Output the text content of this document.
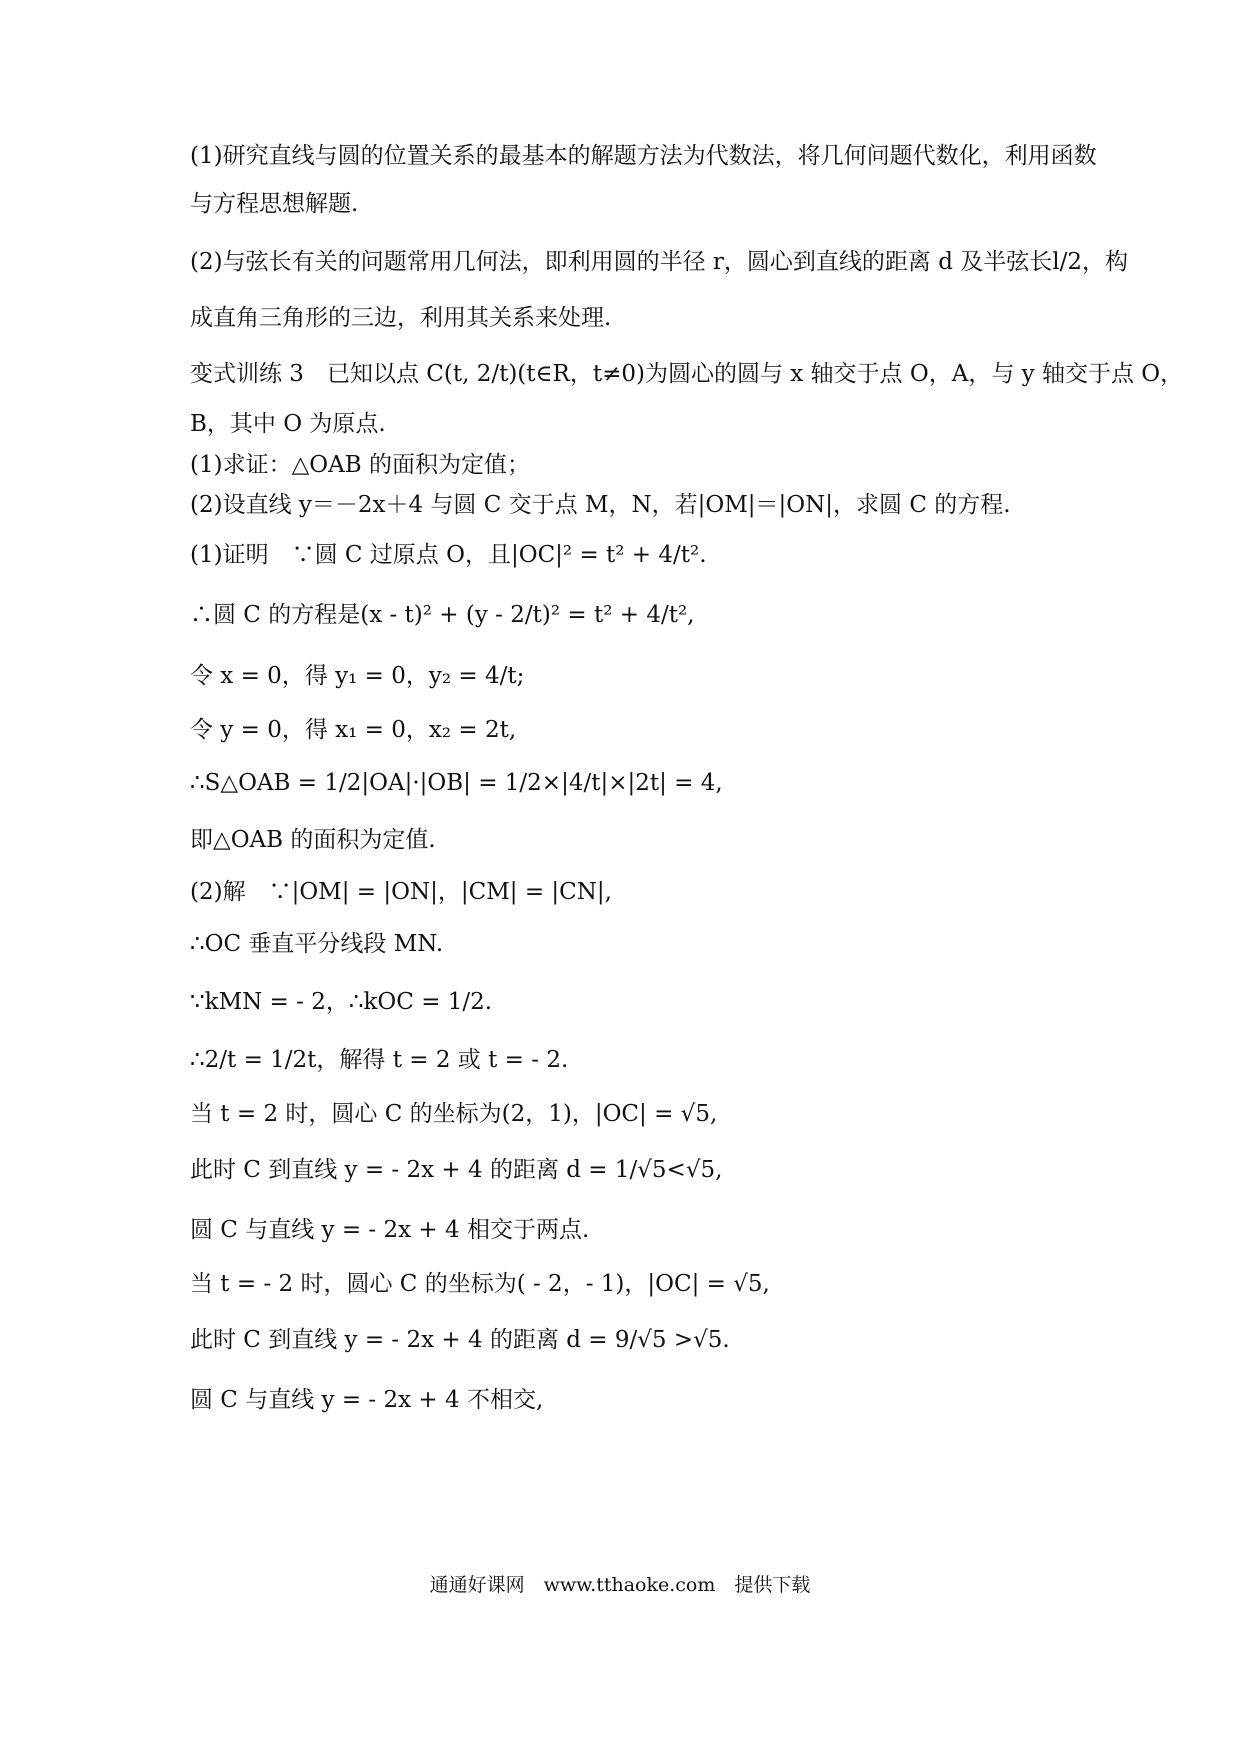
(1)研究直线与圆的位置关系的最基本的解题方法为代数法，将几何问题代数化，利用函数
与方程思想解题.
(2)与弦长有关的问题常用几何法，即利用圆的半径 r，圆心到直线的距离 d 及半弦长l/2，构
成直角三角形的三边，利用其关系来处理.
变式训练 3　已知以点 C(t, 2/t)(t∈R，t≠0)为圆心的圆与 x 轴交于点 O，A，与 y 轴交于点 O，
B，其中 O 为原点.
(1)求证：△OAB 的面积为定值；
(2)设直线 y＝－2x＋4 与圆 C 交于点 M，N，若|OM|＝|ON|，求圆 C 的方程.
(1)证明　∵圆 C 过原点 O，且|OC|² = t² + 4/t².
∴圆 C 的方程是(x - t)² + (y - 2/t)² = t² + 4/t²,
令 x = 0，得 y₁ = 0，y₂ = 4/t;
令 y = 0，得 x₁ = 0，x₂ = 2t,
∴S△OAB = 1/2|OA|·|OB| = 1/2×|4/t|×|2t| = 4,
即△OAB 的面积为定值.
(2)解　∵|OM| = |ON|，|CM| = |CN|,
∴OC 垂直平分线段 MN.
∵kMN = - 2，∴kOC = 1/2.
∴2/t = 1/2t，解得 t = 2 或 t = - 2.
当 t = 2 时，圆心 C 的坐标为(2，1)，|OC| = √5,
此时 C 到直线 y = - 2x + 4 的距离 d = 1/√5<√5,
圆 C 与直线 y = - 2x + 4 相交于两点.
当 t = - 2 时，圆心 C 的坐标为( - 2，- 1)，|OC| = √5,
此时 C 到直线 y = - 2x + 4 的距离 d = 9/√5 >√5.
圆 C 与直线 y = - 2x + 4 不相交,
通通好课网　www.tthaoke.com　提供下载
